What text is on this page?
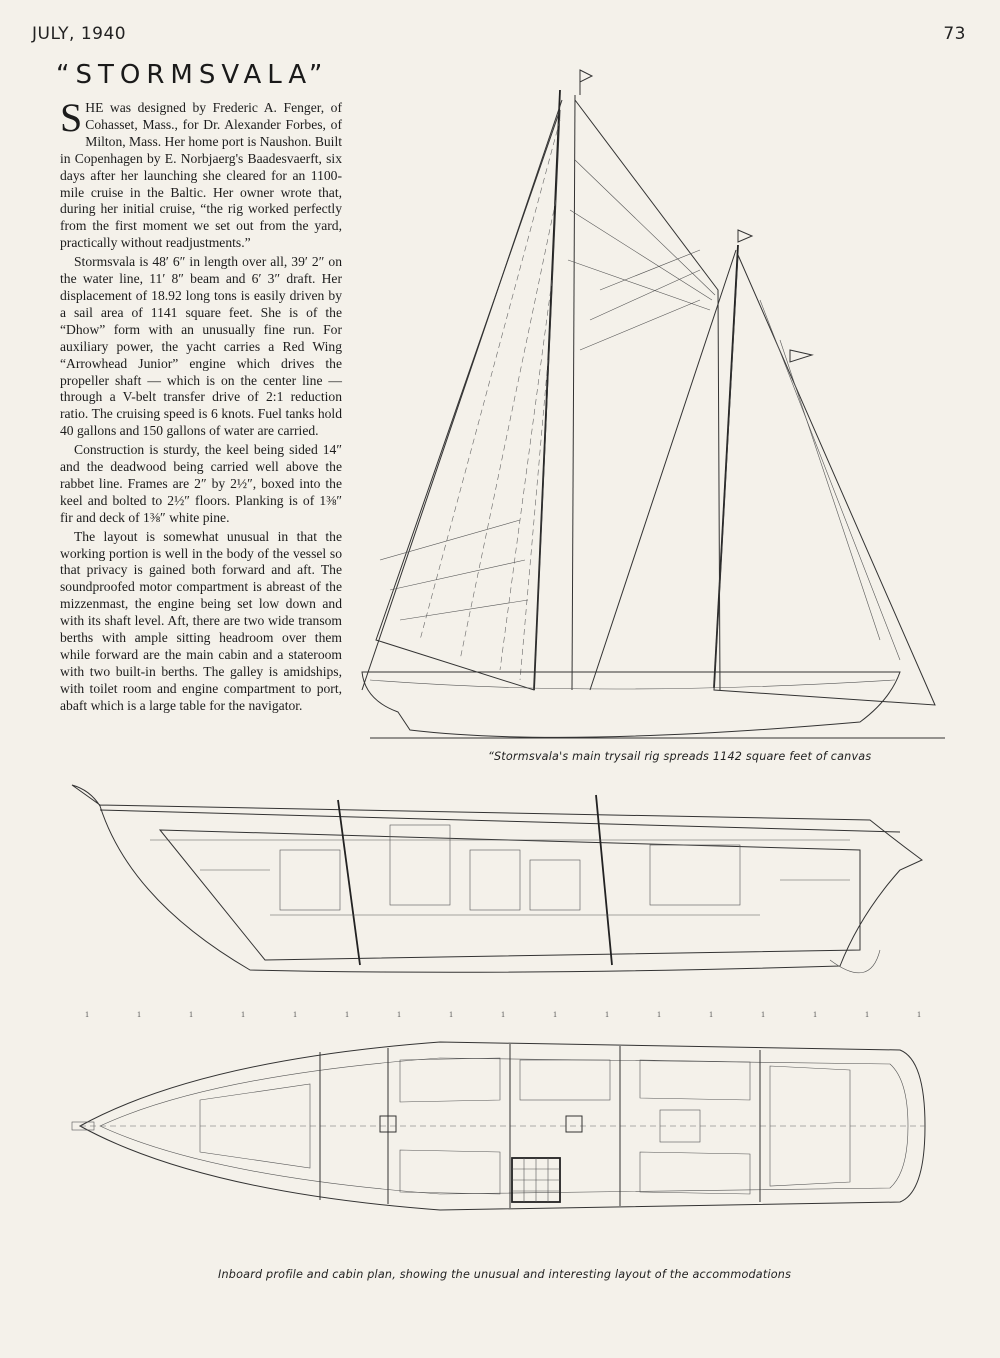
JULY, 1940	73
“STORMSVALA”

SHE was designed by Frederic A. Fenger, of Cohasset, Mass., for Dr. Alexander Forbes, of Milton, Mass. Her home port is Naushon. Built in Copenhagen by E. Norbjaerg's Baadesvaerft, six days after her launching she cleared for an 1100-mile cruise in the Baltic. Her owner wrote that, during her initial cruise, “the rig worked perfectly from the first moment we set out from the yard, practically without readjustments.”

Stormsvala is 48′ 6″ in length over all, 39′ 2″ on the water line, 11′ 8″ beam and 6′ 3″ draft. Her displacement of 18.92 long tons is easily driven by a sail area of 1141 square feet. She is of the “Dhow” form with an unusually fine run. For auxiliary power, the yacht carries a Red Wing “Arrowhead Junior” engine which drives the propeller shaft — which is on the center line — through a V-belt transfer drive of 2:1 reduction ratio. The cruising speed is 6 knots. Fuel tanks hold 40 gallons and 150 gallons of water are carried.

Construction is sturdy, the keel being sided 14″ and the deadwood being carried well above the rabbet line. Frames are 2″ by 2½″, boxed into the keel and bolted to 2½″ floors. Planking is of 1⅜″ fir and deck of 1⅜″ white pine.

The layout is somewhat unusual in that the working portion is well in the body of the vessel so that privacy is gained both forward and aft. The soundproofed motor compartment is abreast of the mizzenmast, the engine being set low down and with its shaft level. Aft, there are two wide transom berths with ample sitting headroom over them while forward are the main cabin and a stateroom with two built-in berths. The galley is amidships, with toilet room and engine compartment to port, abaft which is a large table for the navigator.

“Stormsvala's main trysail rig spreads 1142 square feet of canvas
1	1	1	1	1	1	1	1	1	1	1	1	1	1	1	1	1
Inboard profile and cabin plan, showing the unusual and interesting layout of the accommodations
